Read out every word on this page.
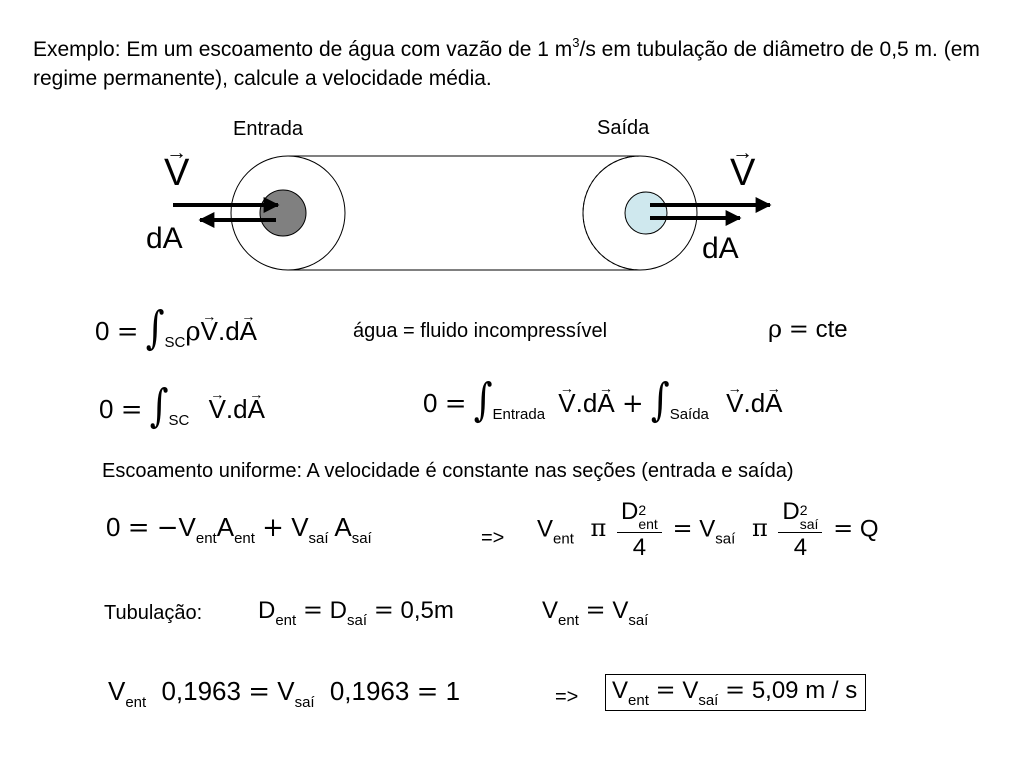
Exemplo: Em um escoamento de água com vazão de 1 $m^3/s$ em tubulação de diâmetro de 0,5 m. (em regime permanente), calcule a velocidade média.
Entrada	Saída
→ V
dA
→ V
dA
$0 = \int_{SC}\rho\to V.d\to A$	água = fluido incompressível	ρ = cte
$0 = \int_{SC} \to V.d\to A$	$0 = \int_{Entrada} \to V.d\to A + \int_{Saída} \to V.d\to A$
Escoamento uniforme: A velocidade é constante nas seções (entrada e saída)
$0 = -V_{ent}A_{ent} + V_{saí}$ $A_{saí}$	=> $V_{ent}$ π D 2
ent
$4 = V_{saí}$ π D 2
saí
4 = Q
Tubulação: $D_{ent} = D_{saí} = 0,5m$	$V_{ent} = V_{saí}$
$V_{ent}$ $0,1963 = V_{saí}$ 0,1963 = 1	=> $V_{ent} = V_{saí} = 5,09$ m / s
